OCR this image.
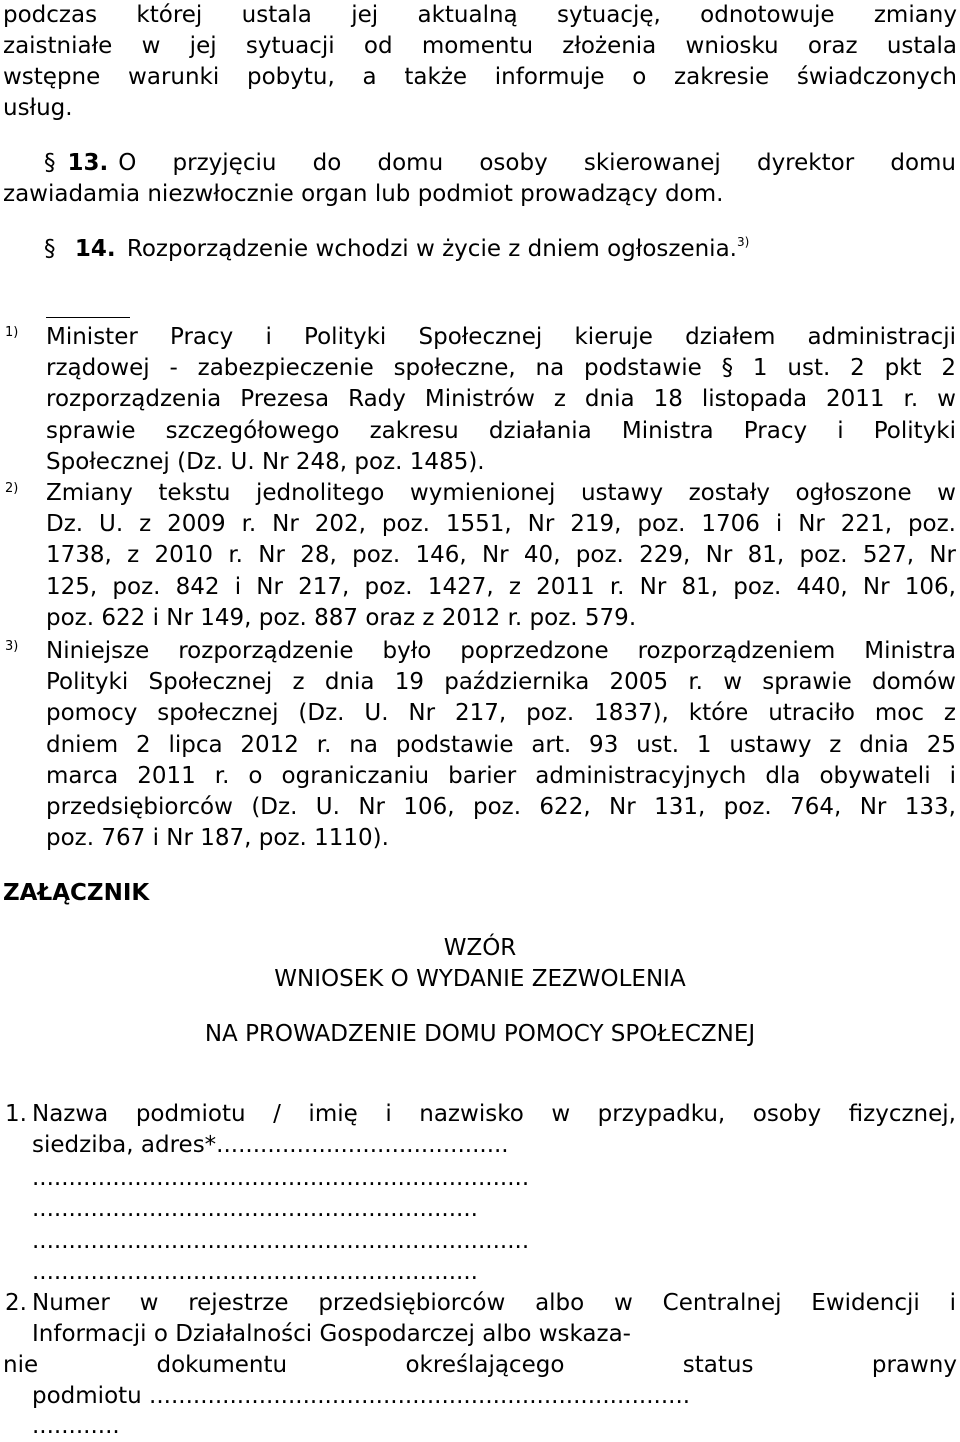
podczas której ustala jej aktualną sytuację, odnotowuje zmiany
zaistniałe w jej sytuacji od momentu złożenia wniosku oraz ustala
wstępne warunki pobytu, a także informuje o zakresie świadczonych
usług.
§ 13. O przyjęciu do domu osoby skierowanej dyrektor domu
zawiadamia niezwłocznie organ lub podmiot prowadzący dom.
§ 14. Rozporządzenie wchodzi w życie z dniem ogłoszenia.$^{3)}$
1) Minister Pracy i Polityki Społecznej kieruje działem administracji
rządowej - zabezpieczenie społeczne, na podstawie § 1 ust. 2 pkt 2
rozporządzenia Prezesa Rady Ministrów z dnia 18 listopada 2011 r. w
sprawie szczegółowego zakresu działania Ministra Pracy i Polityki
Społecznej (Dz. U. Nr 248, poz. 1485).
2) Zmiany tekstu jednolitego wymienionej ustawy zostały ogłoszone w
Dz. U. z 2009 r. Nr 202, poz. 1551, Nr 219, poz. 1706 i Nr 221, poz.
1738, z 2010 r. Nr 28, poz. 146, Nr 40, poz. 229, Nr 81, poz. 527, Nr
125, poz. 842 i Nr 217, poz. 1427, z 2011 r. Nr 81, poz. 440, Nr 106,
poz. 622 i Nr 149, poz. 887 oraz z 2012 r. poz. 579.
3) Niniejsze rozporządzenie było poprzedzone rozporządzeniem Ministra
Polityki Społecznej z dnia 19 października 2005 r. w sprawie domów
pomocy społecznej (Dz. U. Nr 217, poz. 1837), które utraciło moc z
dniem 2 lipca 2012 r. na podstawie art. 93 ust. 1 ustawy z dnia 25
marca 2011 r. o ograniczaniu barier administracyjnych dla obywateli i
przedsiębiorców (Dz. U. Nr 106, poz. 622, Nr 131, poz. 764, Nr 133,
poz. 767 i Nr 187, poz. 1110).
ZAŁĄCZNIK
WZÓR
WNIOSEK O WYDANIE ZEZWOLENIA
NA PROWADZENIE DOMU POMOCY SPOŁECZNEJ
1. Nazwa podmiotu / imię i nazwisko w przypadku, osoby fizycznej,
siedziba, adres*........................................
....................................................................
.............................................................
....................................................................
.............................................................
2. Numer w rejestrze przedsiębiorców albo w Centralnej Ewidencji i
Informacji o Działalności Gospodarczej albo wskaza-
nie dokumentu określającego status prawny
podmiotu ..........................................................................
............
